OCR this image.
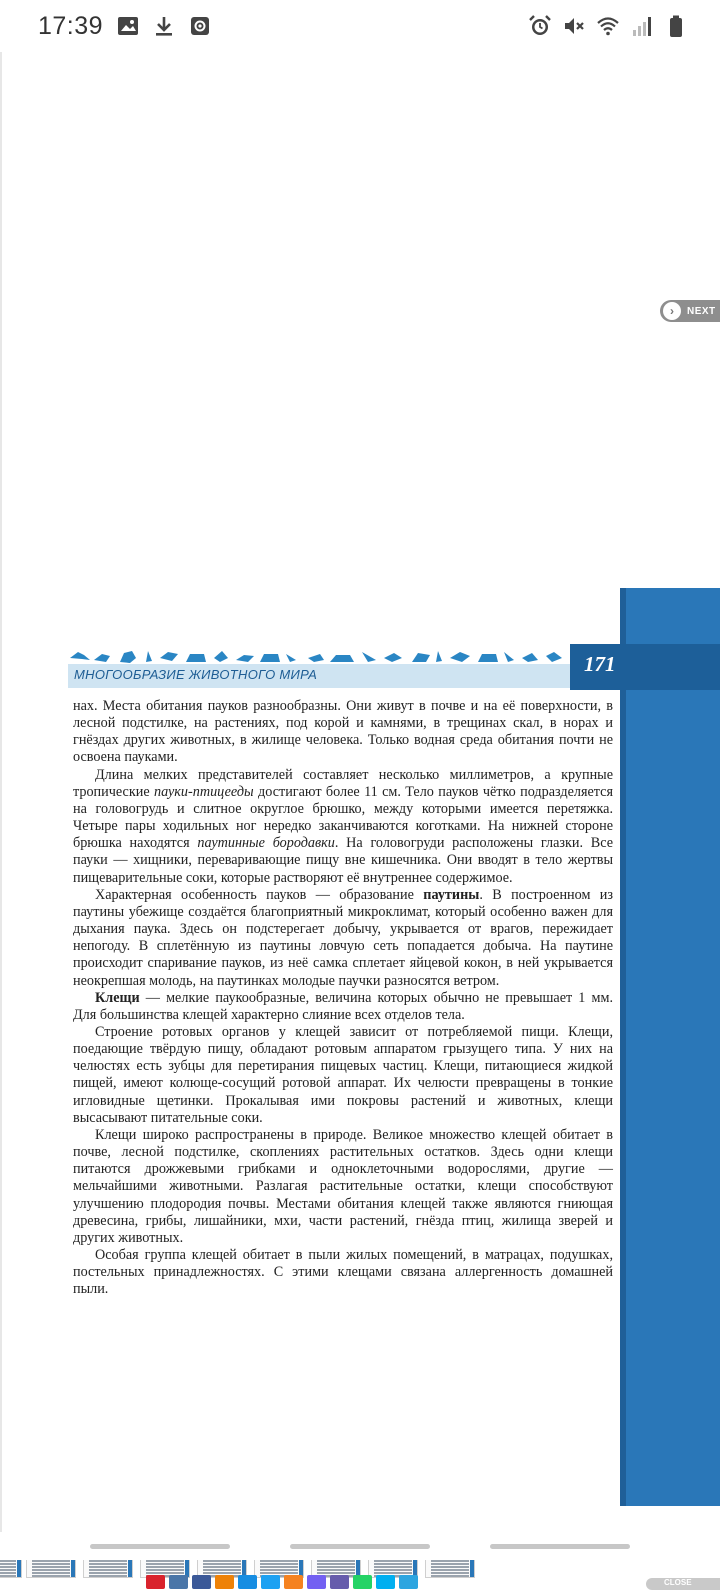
17:39
›	NEXT
МНОГООБРАЗИЕ ЖИВОТНОГО МИРА	171

нах. Места обитания пауков разнообразны. Они живут в почве и на её поверхности, в лесной подстилке, на растениях, под корой и камнями, в трещинах скал, в норах и гнёздах других животных, в жилище человека. Только водная среда обитания почти не освоена пауками.

Длина мелких представителей составляет несколько миллиметров, а крупные тропические пауки-птицееды достигают более 11 см. Тело пауков чётко подразделяется на головогрудь и слитное округлое брюшко, между которыми имеется перетяжка. Четыре пары ходильных ног нередко заканчиваются коготками. На нижней стороне брюшка находятся паутинные бородавки. На головогруди расположены глазки. Все пауки — хищники, переваривающие пищу вне кишечника. Они вводят в тело жертвы пищеварительные соки, которые растворяют её внутреннее содержимое.

Характерная особенность пауков — образование паутины. В построенном из паутины убежище создаётся благоприятный микроклимат, который особенно важен для дыхания паука. Здесь он подстерегает добычу, укрывается от врагов, пережидает непогоду. В сплетённую из паутины ловчую сеть попадается добыча. На паутине происходит спаривание пауков, из неё самка сплетает яйцевой кокон, в ней укрывается неокрепшая молодь, на паутинках молодые паучки разносятся ветром.

Клещи — мелкие паукообразные, величина которых обычно не превышает 1 мм. Для большинства клещей характерно слияние всех отделов тела.

Строение ротовых органов у клещей зависит от потребляемой пищи. Клещи, поедающие твёрдую пищу, обладают ротовым аппаратом грызущего типа. У них на челюстях есть зубцы для перетирания пищевых частиц. Клещи, питающиеся жидкой пищей, имеют колюще-сосущий ротовой аппарат. Их челюсти превращены в тонкие игловидные щетинки. Прокалывая ими покровы растений и животных, клещи высасывают питательные соки.

Клещи широко распространены в природе. Великое множество клещей обитает в почве, лесной подстилке, скоплениях растительных остатков. Здесь одни клещи питаются дрожжевыми грибками и одноклеточными водорослями, другие — мельчайшими животными. Разлагая растительные остатки, клещи способствуют улучшению плодородия почвы. Местами обитания клещей также являются гниющая древесина, грибы, лишайники, мхи, части растений, гнёзда птиц, жилища зверей и других животных.

Особая группа клещей обитает в пыли жилых помещений, в матрацах, подушках, постельных принадлежностях. С этими клещами связана аллергенность домашней пыли.

CLOSE
